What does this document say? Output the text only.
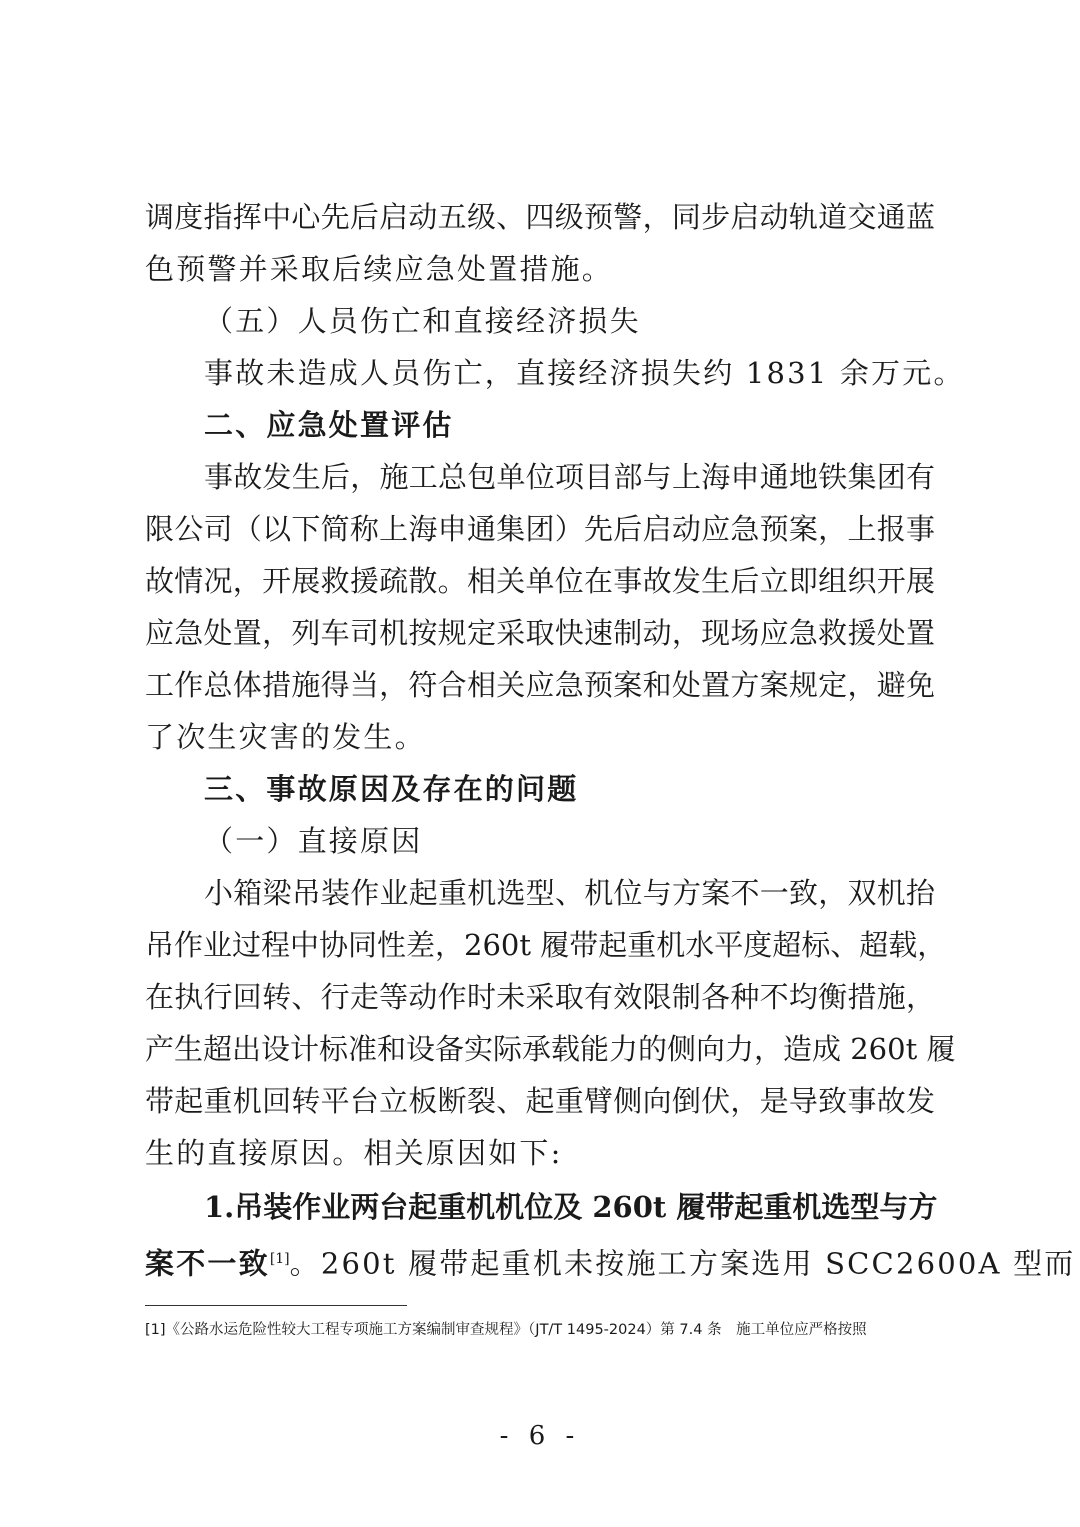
调度指挥中心先后启动五级、四级预警，同步启动轨道交通蓝
色预警并采取后续应急处置措施。
（五）人员伤亡和直接经济损失
事故未造成人员伤亡，直接经济损失约 1831 余万元。
二、应急处置评估
事故发生后，施工总包单位项目部与上海申通地铁集团有
限公司（以下简称上海申通集团）先后启动应急预案，上报事
故情况，开展救援疏散。相关单位在事故发生后立即组织开展
应急处置，列车司机按规定采取快速制动，现场应急救援处置
工作总体措施得当，符合相关应急预案和处置方案规定，避免
了次生灾害的发生。
三、事故原因及存在的问题
（一）直接原因
小箱梁吊装作业起重机选型、机位与方案不一致，双机抬
吊作业过程中协同性差，260t 履带起重机水平度超标、超载，
在执行回转、行走等动作时未采取有效限制各种不均衡措施，
产生超出设计标准和设备实际承载能力的侧向力，造成 260t 履
带起重机回转平台立板断裂、起重臂侧向倒伏，是导致事故发
生的直接原因。相关原因如下:
1.吊装作业两台起重机机位及 260t 履带起重机选型与方
案不一致[1]。260t 履带起重机未按施工方案选用 SCC2600A 型而
[1]《公路水运危险性较大工程专项施工方案编制审查规程》（JT/T 1495-2024）第 7.4 条　施工单位应严格按照
- 6 -
